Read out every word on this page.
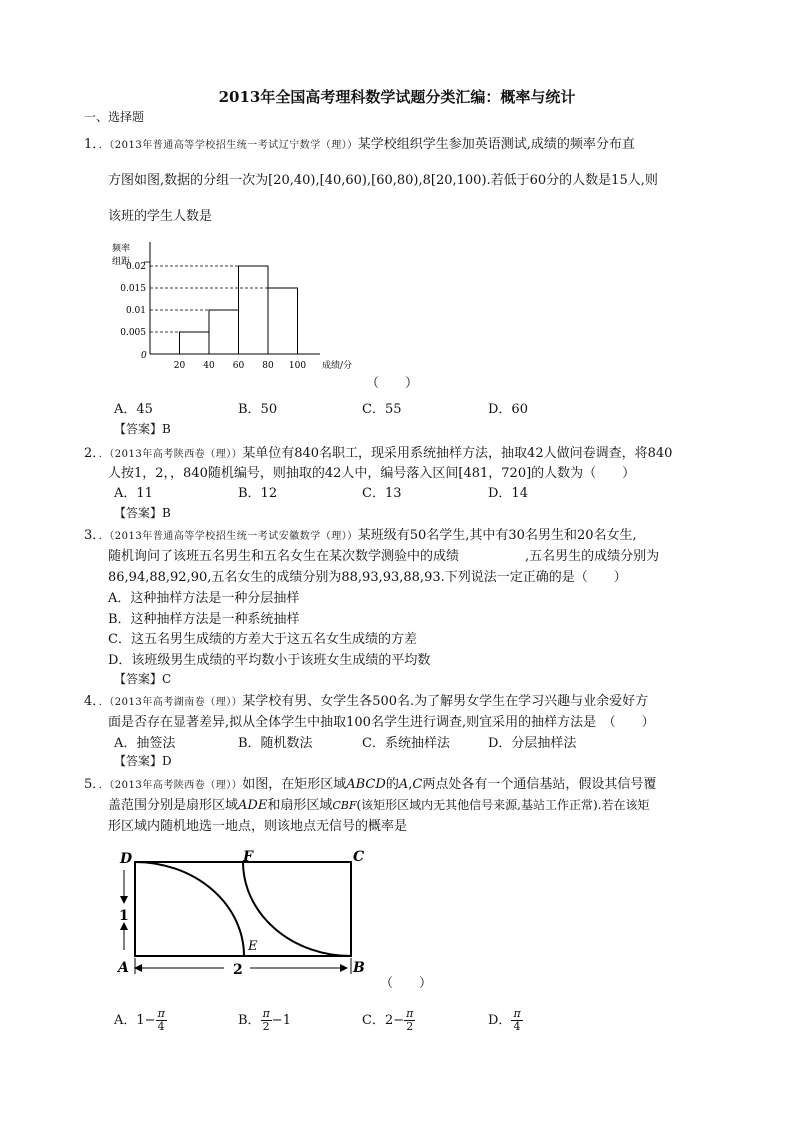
2013年全国高考理科数学试题分类汇编：概率与统计
一、选择题
1．．（2013年普通高等学校招生统一考试辽宁数学（理））某学校组织学生参加英语测试,成绩的频率分布直
方图如图,数据的分组一次为[20,40),[40,60),[60,80),8[20,100).若低于60分的人数是15人,则
该班的学生人数是
频率
组距
0.005
0.01
0.015
0.02
20 40 60 80 100
0
成绩/分
（　　）
A．45	B．50	C．55	D．60
【答案】B
2．．（2013年高考陕西卷（理））某单位有840名职工，现采用系统抽样方法，抽取42人做问卷调查，将840
人按1，2，，840随机编号，则抽取的42人中，编号落入区间[481，720]的人数为（　　）
A．11	B．12	C．13	D．14
【答案】B
3．．（2013年普通高等学校招生统一考试安徽数学（理））某班级有50名学生,其中有30名男生和20名女生,
随机询问了该班五名男生和五名女生在某次数学测验中的成绩	,五名男生的成绩分别为
86,94,88,92,90,五名女生的成绩分别为88,93,93,88,93.下列说法一定正确的是（　　）
A．这种抽样方法是一种分层抽样
B．这种抽样方法是一种系统抽样
C．这五名男生成绩的方差大于这五名女生成绩的方差
D．该班级男生成绩的平均数小于该班女生成绩的平均数
【答案】C
4．．（2013年高考湖南卷（理））某学校有男、女学生各500名.为了解男女学生在学习兴趣与业余爱好方
面是否存在显著差异,拟从全体学生中抽取100名学生进行调查,则宜采用的抽样方法是　（　　）
A．抽签法	B．随机数法	C．系统抽样法	D．分层抽样法
【答案】D
5．．（2013年高考陕西卷（理））如图，在矩形区域ABCD的A,C两点处各有一个通信基站，假设其信号覆
盖范围分别是扇形区域ADE和扇形区域CBF(该矩形区域内无其他信号来源,基站工作正常).若在该矩
形区域内随机地选一地点，则该地点无信号的概率是
D	F	C
A	B
E
1
2
（　　）
A．$1- \frac{\pi}{4}$	B． $\frac{\pi}{2} -1$	C．$2- \frac{\pi}{2}$	D． $\frac{\pi}{4}$
